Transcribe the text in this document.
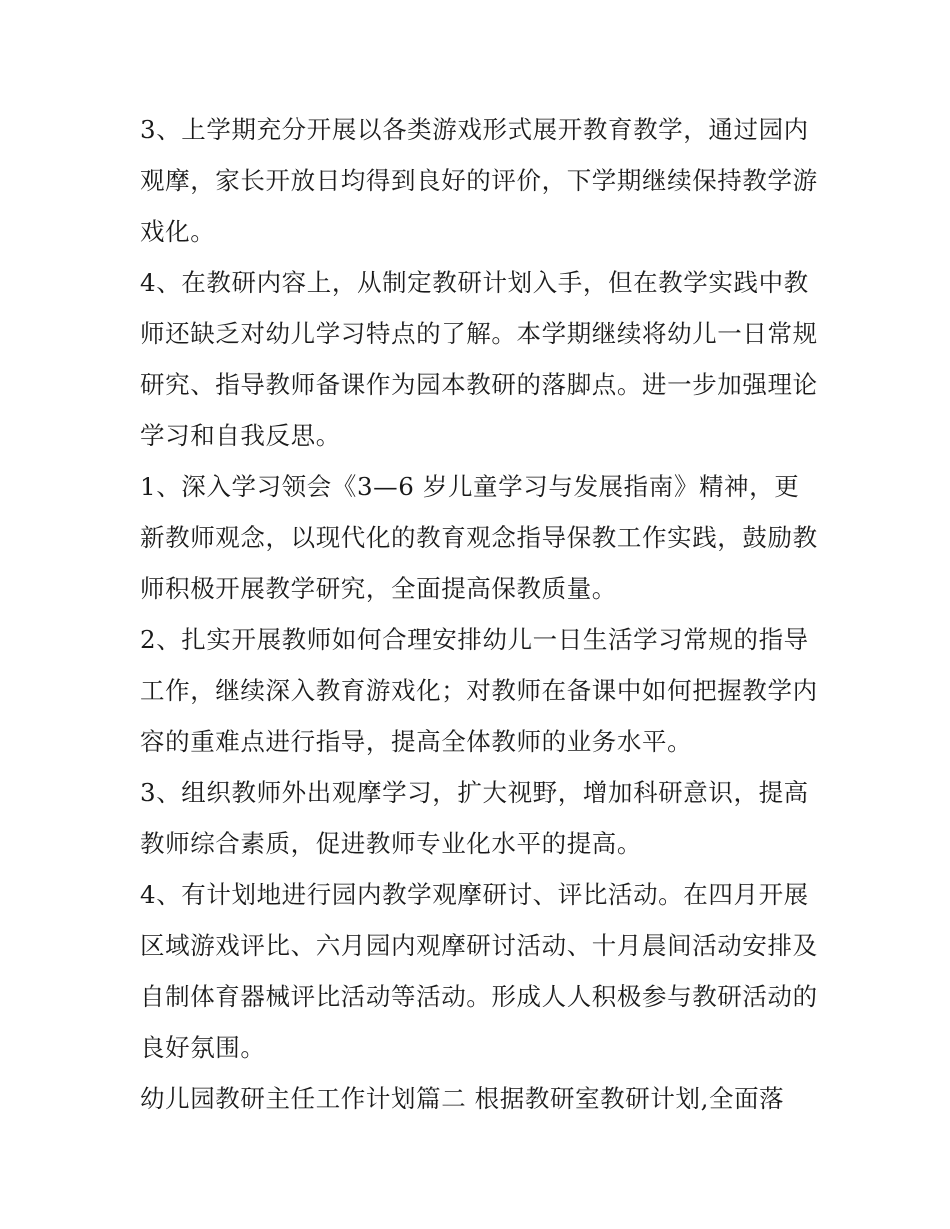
3、上学期充分开展以各类游戏形式展开教育教学，通过园内观摩，家长开放日均得到良好的评价，下学期继续保持教学游戏化。

4、在教研内容上，从制定教研计划入手，但在教学实践中教师还缺乏对幼儿学习特点的了解。本学期继续将幼儿一日常规研究、指导教师备课作为园本教研的落脚点。进一步加强理论学习和自我反思。

1、深入学习领会《3—6 岁儿童学习与发展指南》精神，更新教师观念，以现代化的教育观念指导保教工作实践，鼓励教师积极开展教学研究，全面提高保教质量。

2、扎实开展教师如何合理安排幼儿一日生活学习常规的指导工作，继续深入教育游戏化；对教师在备课中如何把握教学内容的重难点进行指导，提高全体教师的业务水平。

3、组织教师外出观摩学习，扩大视野，增加科研意识，提高教师综合素质，促进教师专业化水平的提高。

4、有计划地进行园内教学观摩研讨、评比活动。在四月开展区域游戏评比、六月园内观摩研讨活动、十月晨间活动安排及自制体育器械评比活动等活动。形成人人积极参与教研活动的良好氛围。

幼儿园教研主任工作计划篇二 根据教研室教研计划,全面落
